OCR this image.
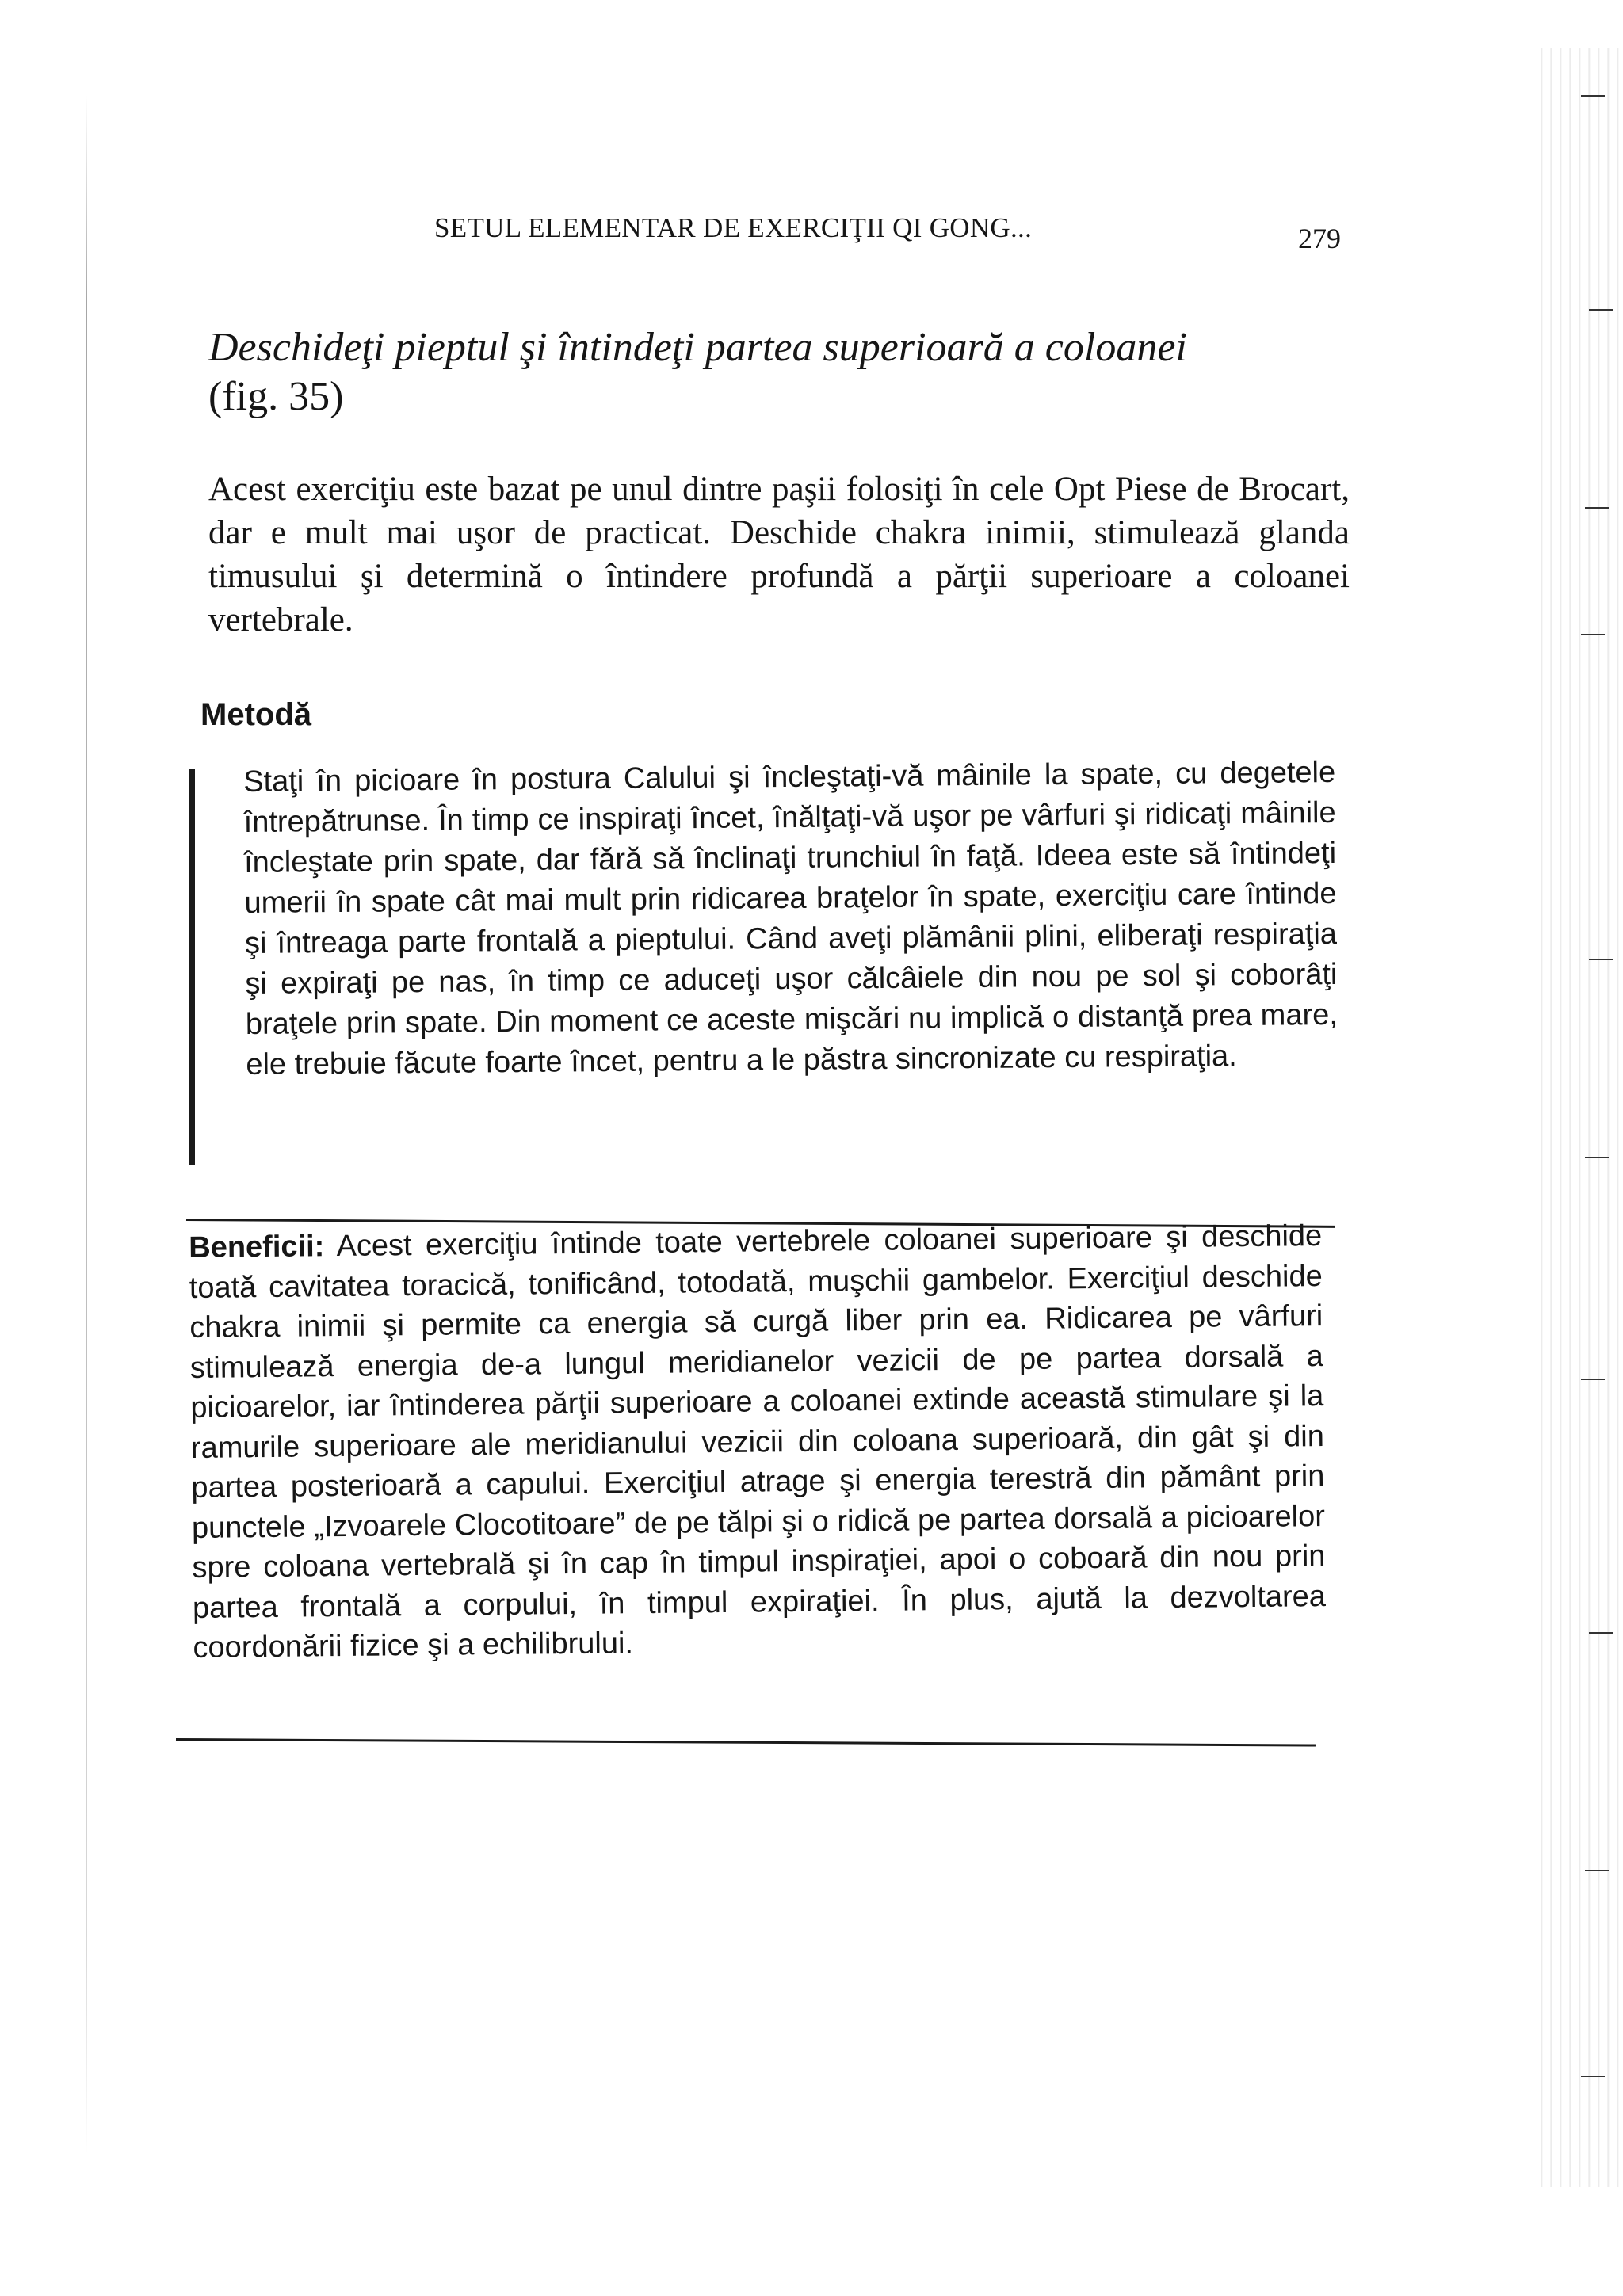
SETUL ELEMENTAR DE EXERCIŢII QI GONG...	279
Deschideţi pieptul şi întindeţi partea superioară a coloanei
(fig. 35)
Acest exerciţiu este bazat pe unul dintre paşii folosiţi în cele Opt Piese de Brocart, dar e mult mai uşor de practicat. Deschide chakra inimii, stimulează glanda timusului şi determină o întindere profundă a părţii superioare a coloanei vertebrale.
Metodă
Staţi în picioare în postura Calului şi încleştaţi-vă mâinile la spate, cu degetele întrepătrunse. În timp ce inspiraţi încet, înălţaţi-vă uşor pe vârfuri şi ridicaţi mâinile încleştate prin spate, dar fără să înclinaţi trunchiul în faţă. Ideea este să întindeţi umerii în spate cât mai mult prin ridicarea braţelor în spate, exerciţiu care întinde şi întreaga parte frontală a pieptului. Când aveţi plămânii plini, eliberaţi respiraţia şi expiraţi pe nas, în timp ce aduceţi uşor călcâiele din nou pe sol şi coborâţi braţele prin spate. Din moment ce aceste mişcări nu implică o distanţă prea mare, ele trebuie făcute foarte încet, pentru a le păstra sincronizate cu respiraţia.
Beneficii: Acest exerciţiu întinde toate vertebrele coloanei superioare şi deschide toată cavitatea toracică, tonificând, totodată, muşchii gambelor. Exerciţiul deschide chakra inimii şi permite ca energia să curgă liber prin ea. Ridicarea pe vârfuri stimulează energia de-a lungul meridianelor vezicii de pe partea dorsală a picioarelor, iar întinderea părţii superioare a coloanei extinde această stimulare şi la ramurile superioare ale meridianului vezicii din coloana superioară, din gât şi din partea posterioară a capului. Exerciţiul atrage şi energia terestră din pământ prin punctele „Izvoarele Clocotitoare” de pe tălpi şi o ridică pe partea dorsală a picioarelor spre coloana vertebrală şi în cap în timpul inspiraţiei, apoi o coboară din nou prin partea frontală a corpului, în timpul expiraţiei. În plus, ajută la dezvoltarea coordonării fizice şi a echilibrului.
